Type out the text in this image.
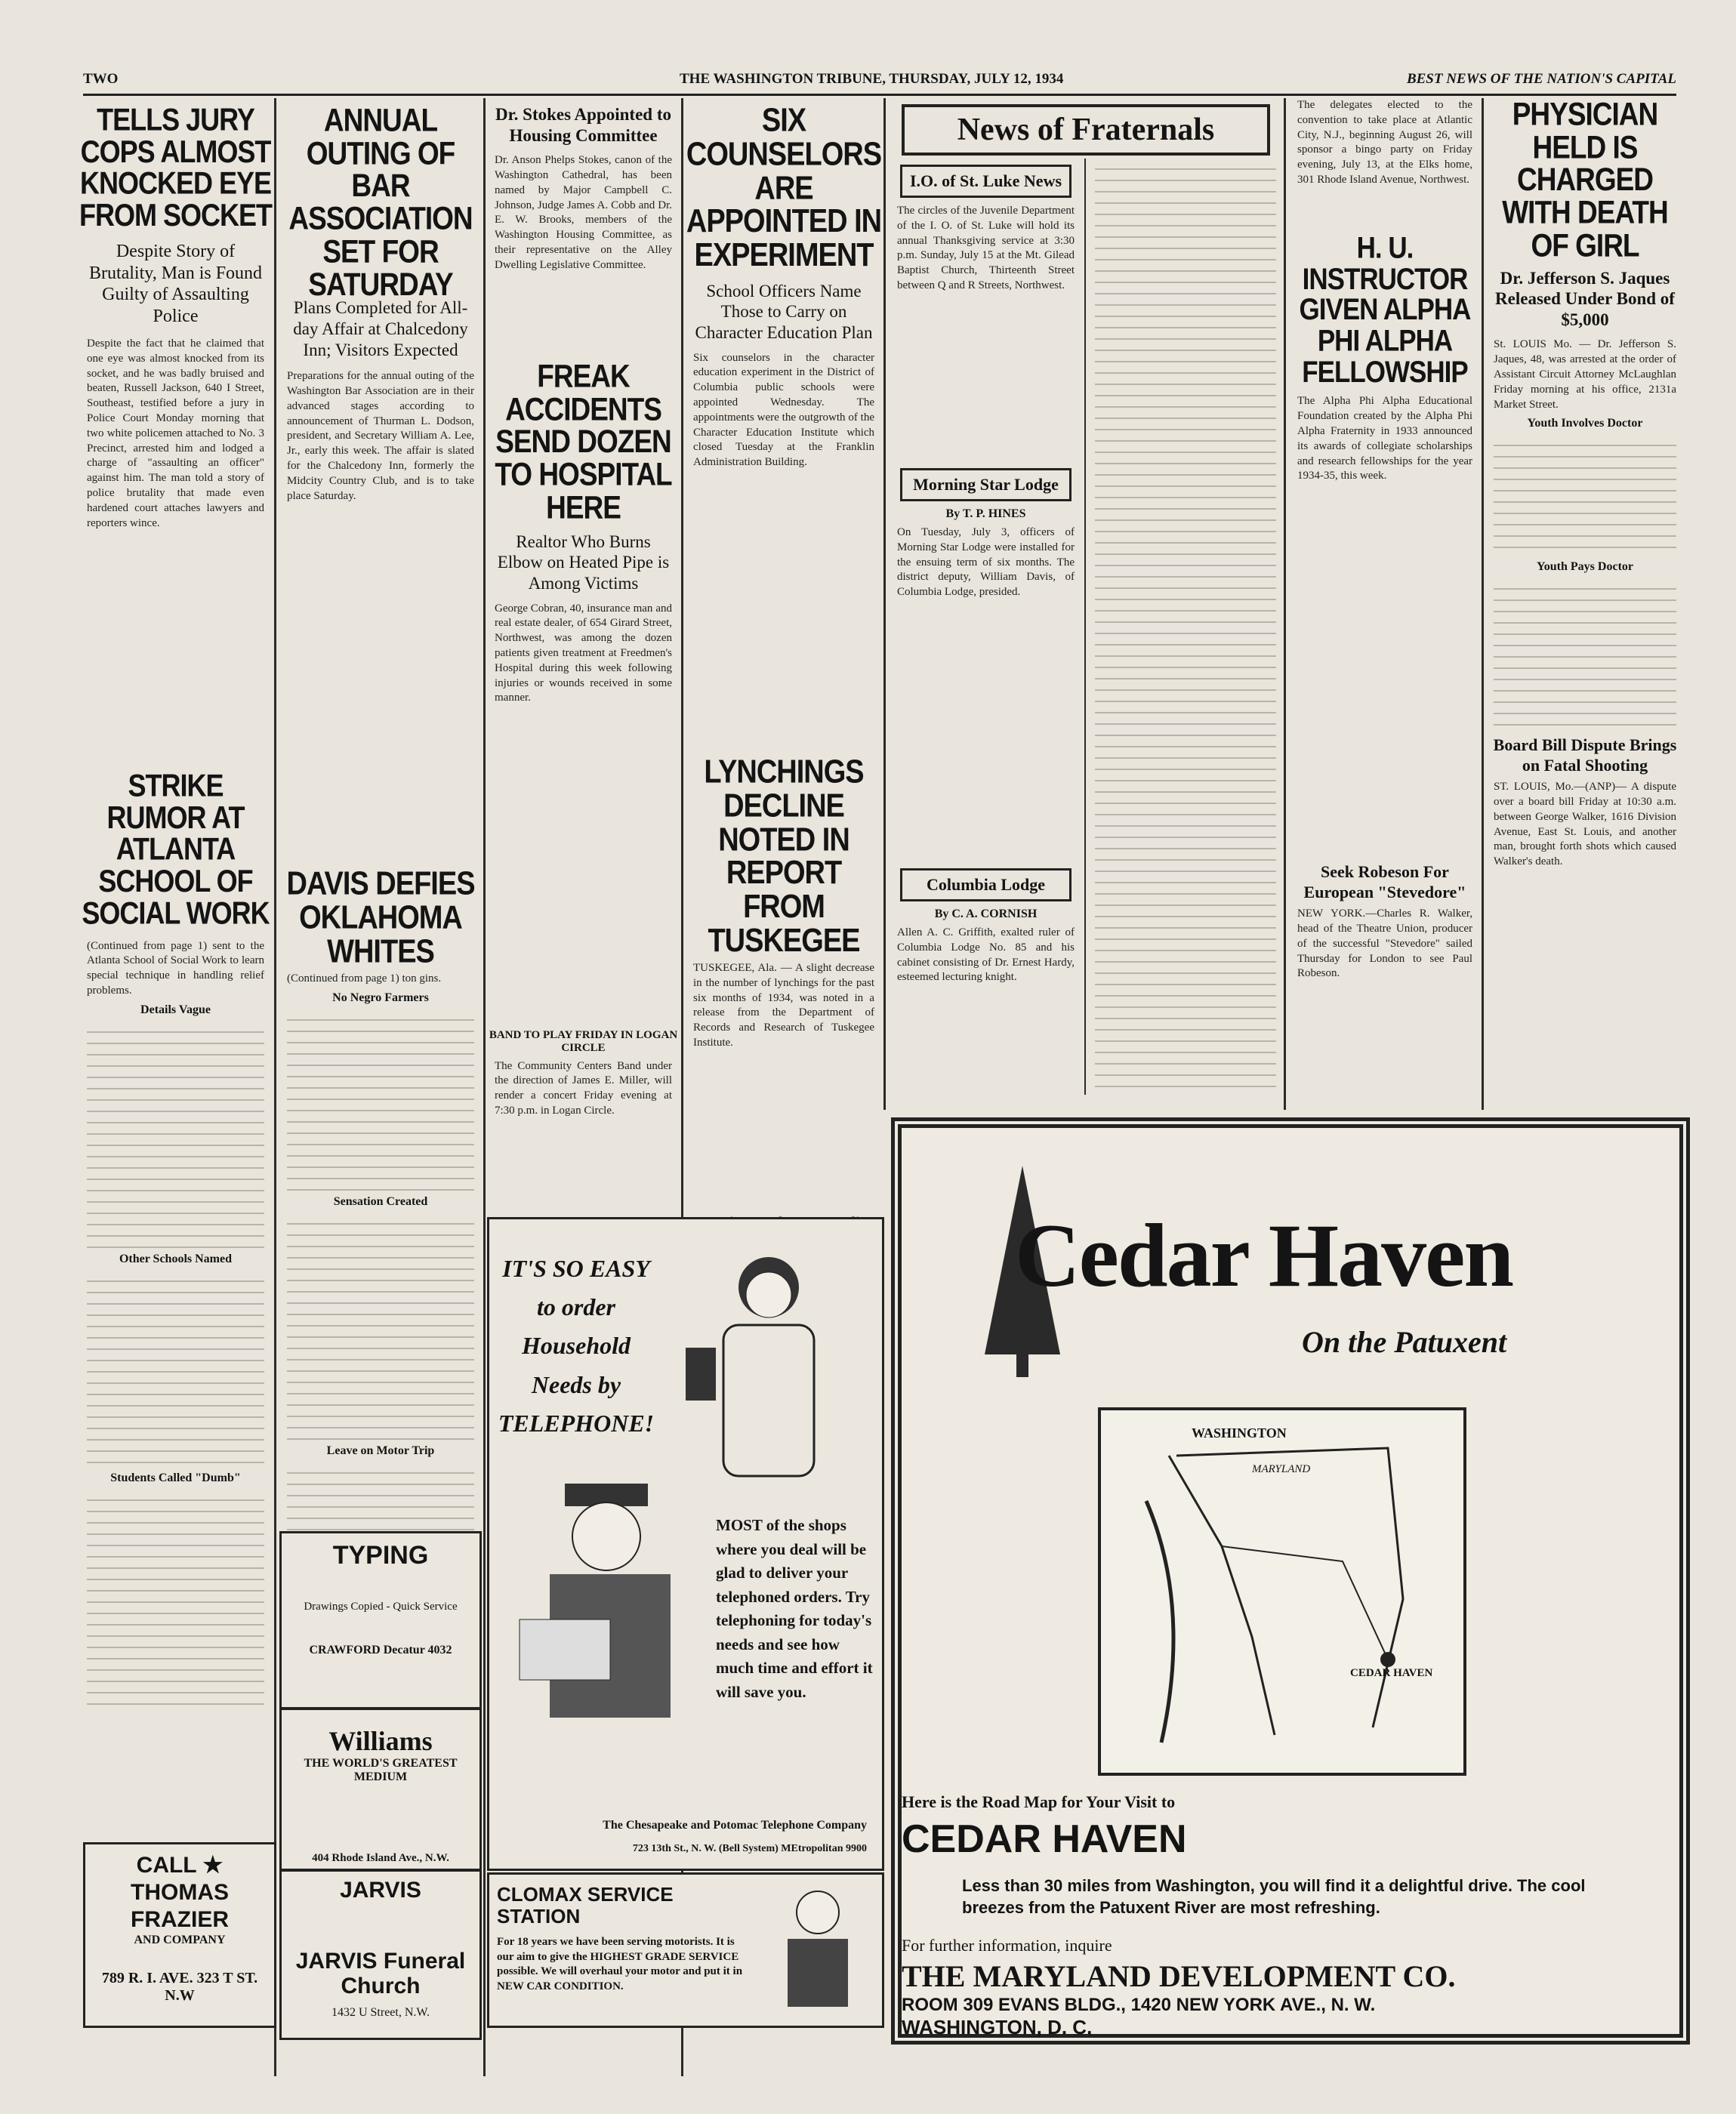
TWO	THE WASHINGTON TRIBUNE, THURSDAY, JULY 12, 1934	BEST NEWS OF THE NATION'S CAPITAL
TELLS JURY COPS ALMOST KNOCKED EYE FROM SOCKET
Despite Story of Brutality, Man is Found Guilty of Assaulting Police
Despite the fact that he claimed that one eye was almost knocked from its socket, and he was badly bruised and beaten, Russell Jackson, 640 I Street, Southeast, testified before a jury in Police Court Monday morning that two white policemen attached to No. 3 Precinct, arrested him and lodged a charge of "assaulting an officer" against him. The man told a story of police brutality that made even hardened court attaches lawyers and reporters wince.
STRIKE RUMOR AT ATLANTA SCHOOL OF SOCIAL WORK
(Continued from page 1) sent to the Atlanta School of Social Work to learn special technique in handling relief problems.
Details Vague
Other Schools Named
Students Called "Dumb"
ANNUAL OUTING OF BAR ASSOCIATION SET FOR SATURDAY
Plans Completed for All-day Affair at Chalcedony Inn; Visitors Expected
Preparations for the annual outing of the Washington Bar Association are in their advanced stages according to announcement of Thurman L. Dodson, president, and Secretary William A. Lee, Jr., early this week. The affair is slated for the Chalcedony Inn, formerly the Midcity Country Club, and is to take place Saturday.
DAVIS DEFIES OKLAHOMA WHITES
(Continued from page 1) ton gins.
No Negro Farmers
Sensation Created
Leave on Motor Trip
Dr. Stokes Appointed to Housing Committee
Dr. Anson Phelps Stokes, canon of the Washington Cathedral, has been named by Major Campbell C. Johnson, Judge James A. Cobb and Dr. E. W. Brooks, members of the Washington Housing Committee, as their representative on the Alley Dwelling Legislative Committee.
FREAK ACCIDENTS SEND DOZEN TO HOSPITAL HERE
Realtor Who Burns Elbow on Heated Pipe is Among Victims
George Cobran, 40, insurance man and real estate dealer, of 654 Girard Street, Northwest, was among the dozen patients given treatment at Freedmen's Hospital during this week following injuries or wounds received in some manner.
BAND TO PLAY FRIDAY IN LOGAN CIRCLE
The Community Centers Band under the direction of James E. Miller, will render a concert Friday evening at 7:30 p.m. in Logan Circle.
SIX COUNSELORS ARE APPOINTED IN EXPERIMENT
School Officers Name Those to Carry on Character Education Plan
Six counselors in the character education experiment in the District of Columbia public schools were appointed Wednesday. The appointments were the outgrowth of the Character Education Institute which closed Tuesday at the Franklin Administration Building.
LYNCHINGS DECLINE NOTED IN REPORT FROM TUSKEGEE
TUSKEGEE, Ala. — A slight decrease in the number of lynchings for the past six months of 1934, was noted in a release from the Department of Records and Research of Tuskegee Institute.
News of Fraternals
I.O. of St. Luke News
The circles of the Juvenile Department of the I. O. of St. Luke will hold its annual Thanksgiving service at 3:30 p.m. Sunday, July 15 at the Mt. Gilead Baptist Church, Thirteenth Street between Q and R Streets, Northwest.
Morning Star Lodge
By T. P. HINES
On Tuesday, July 3, officers of Morning Star Lodge were installed for the ensuing term of six months. The district deputy, William Davis, of Columbia Lodge, presided.
Columbia Lodge
By C. A. CORNISH
Allen A. C. Griffith, exalted ruler of Columbia Lodge No. 85 and his cabinet consisting of Dr. Ernest Hardy, esteemed lecturing knight.
The delegates elected to the convention to take place at Atlantic City, N.J., beginning August 26, will sponsor a bingo party on Friday evening, July 13, at the Elks home, 301 Rhode Island Avenue, Northwest.
H. U. INSTRUCTOR GIVEN ALPHA PHI ALPHA FELLOWSHIP
The Alpha Phi Alpha Educational Foundation created by the Alpha Phi Alpha Fraternity in 1933 announced its awards of collegiate scholarships and research fellowships for the year 1934-35, this week.
Seek Robeson For European "Stevedore"
NEW YORK.—Charles R. Walker, head of the Theatre Union, producer of the successful "Stevedore" sailed Thursday for London to see Paul Robeson.
PHYSICIAN HELD IS CHARGED WITH DEATH OF GIRL
Dr. Jefferson S. Jaques Released Under Bond of $5,000
St. LOUIS Mo. — Dr. Jefferson S. Jaques, 48, was arrested at the order of Assistant Circuit Attorney McLaughlan Friday morning at his office, 2131a Market Street.
Youth Involves Doctor
Youth Pays Doctor
Board Bill Dispute Brings on Fatal Shooting
ST. LOUIS, Mo.—(ANP)— A dispute over a board bill Friday at 10:30 a.m. between George Walker, 1616 Division Avenue, East St. Louis, and another man, brought forth shots which caused Walker's death.
IT'S SO EASY to order Household Needs by TELEPHONE!
MOST of the shops where you deal will be glad to deliver your telephoned orders. Try telephoning for today's needs and see how much time and effort it will save you.
The Chesapeake and Potomac Telephone Company
723 13th St., N. W. (Bell System) MEtropolitan 9900
TYPING
Drawings Copied - Quick Service
CRAWFORD Decatur 4032
Williams
THE WORLD'S GREATEST MEDIUM
404 Rhode Island Ave., N.W.
CALL ★ THOMAS FRAZIER
AND COMPANY
789 R. I. AVE. 323 T ST. N.W
JARVIS
JARVIS Funeral Church
1432 U Street, N.W.
CLOMAX SERVICE STATION
For 18 years we have been serving motorists. It is our aim to give the HIGHEST GRADE SERVICE possible. We will overhaul your motor and put it in NEW CAR CONDITION.
Cedar Haven
On the Patuxent
WASHINGTON
MARYLAND
CEDAR HAVEN
Here is the Road Map for Your Visit to
CEDAR HAVEN
Less than 30 miles from Washington, you will find it a delightful drive. The cool breezes from the Patuxent River are most refreshing.
For further information, inquire
THE MARYLAND DEVELOPMENT CO.
ROOM 309 EVANS BLDG., 1420 NEW YORK AVE., N. W.
WASHINGTON, D. C.
